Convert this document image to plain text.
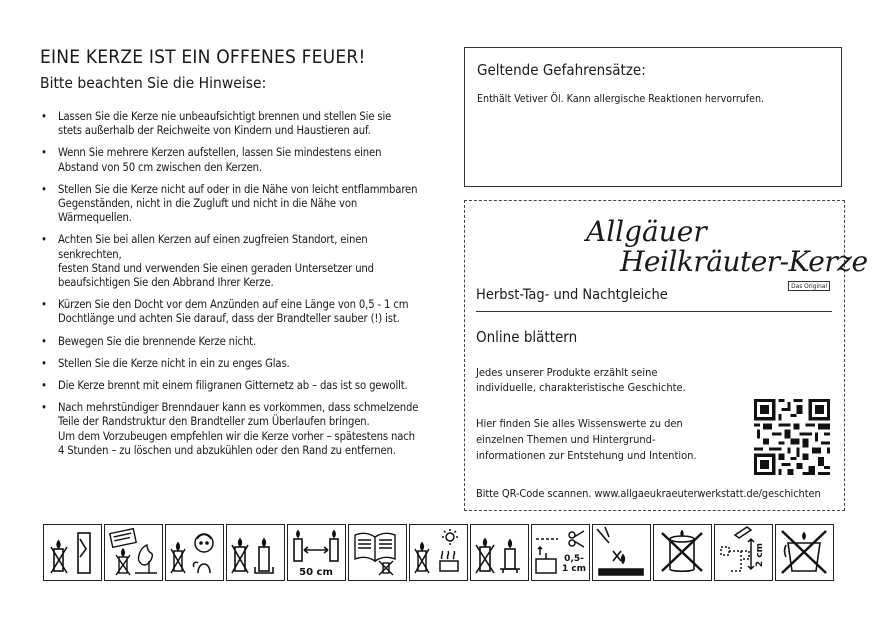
EINE KERZE IST EIN OFFENES FEUER!
Bitte beachten Sie die Hinweise:
• Lassen Sie die Kerze nie unbeaufsichtigt brennen und stellen Sie sie
stets außerhalb der Reichweite von Kindern und Haustieren auf.
• Wenn Sie mehrere Kerzen aufstellen, lassen Sie mindestens einen
Abstand von 50 cm zwischen den Kerzen.
• Stellen Sie die Kerze nicht auf oder in die Nähe von leicht entflammbaren
Gegenständen, nicht in die Zugluft und nicht in die Nähe von Wärmequellen.
• Achten Sie bei allen Kerzen auf einen zugfreien Standort, einen senkrechten,
festen Stand und verwenden Sie einen geraden Untersetzer und
beaufsichtigen Sie den Abbrand Ihrer Kerze.
• Kürzen Sie den Docht vor dem Anzünden auf eine Länge von 0,5 - 1 cm
Dochtlänge und achten Sie darauf, dass der Brandteller sauber (!) ist.
• Bewegen Sie die brennende Kerze nicht.
• Stellen Sie die Kerze nicht in ein zu enges Glas.
• Die Kerze brennt mit einem filigranen Gitternetz ab – das ist so gewollt.
• Nach mehrstündiger Brenndauer kann es vorkommen, dass schmelzende
Teile der Randstruktur den Brandteller zum Überlaufen bringen.
Um dem Vorzubeugen empfehlen wir die Kerze vorher – spätestens nach
4 Stunden – zu löschen und abzukühlen oder den Rand zu entfernen.
Geltende Gefahrensätze:
Enthält Vetiver Öl. Kann allergische Reaktionen hervorrufen.
Allgäuer
Heilkräuter-Kerze
Das Original
Herbst-Tag- und Nachtgleiche
Online blättern
Jedes unserer Produkte erzählt seine
individuelle, charakteristische Geschichte.
Hier finden Sie alles Wissenswerte zu den
einzelnen Themen und Hintergrund-
informationen zur Entstehung und Intention.
Bitte QR-Code scannen. www.allgaeukraeuterwerkstatt.de/geschichten
50 cm
0,5-
1 cm
2 cm
